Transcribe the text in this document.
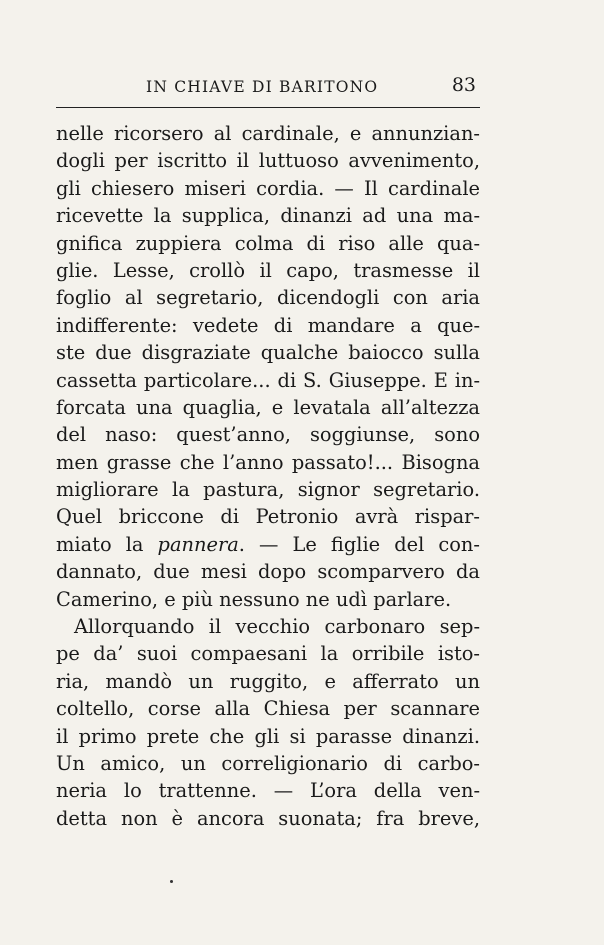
IN CHIAVE DI BARITONO	83
nelle ricorsero al cardinale, e annunzian-
dogli per iscritto il luttuoso avvenimento,
gli chiesero miseri cordia. — Il cardinale
ricevette la supplica, dinanzi ad una ma-
gnifica zuppiera colma di riso alle qua-
glie. Lesse, crollò il capo, trasmesse il
foglio al segretario, dicendogli con aria
indifferente: vedete di mandare a que-
ste due disgraziate qualche baiocco sulla
cassetta particolare... di S. Giuseppe. E in-
forcata una quaglia, e levatala all’altezza
del naso: quest’anno, soggiunse, sono
men grasse che l’anno passato!... Bisogna
migliorare la pastura, signor segretario.
Quel briccone di Petronio avrà rispar-
miato la pannera. — Le figlie del con-
dannato, due mesi dopo scomparvero da
Camerino, e più nessuno ne udì parlare.
Allorquando il vecchio carbonaro sep-
pe da’ suoi compaesani la orribile isto-
ria, mandò un ruggito, e afferrato un
coltello, corse alla Chiesa per scannare
il primo prete che gli si parasse dinanzi.
Un amico, un correligionario di carbo-
neria lo trattenne. — L’ora della ven-
detta non è ancora suonata; fra breve,
